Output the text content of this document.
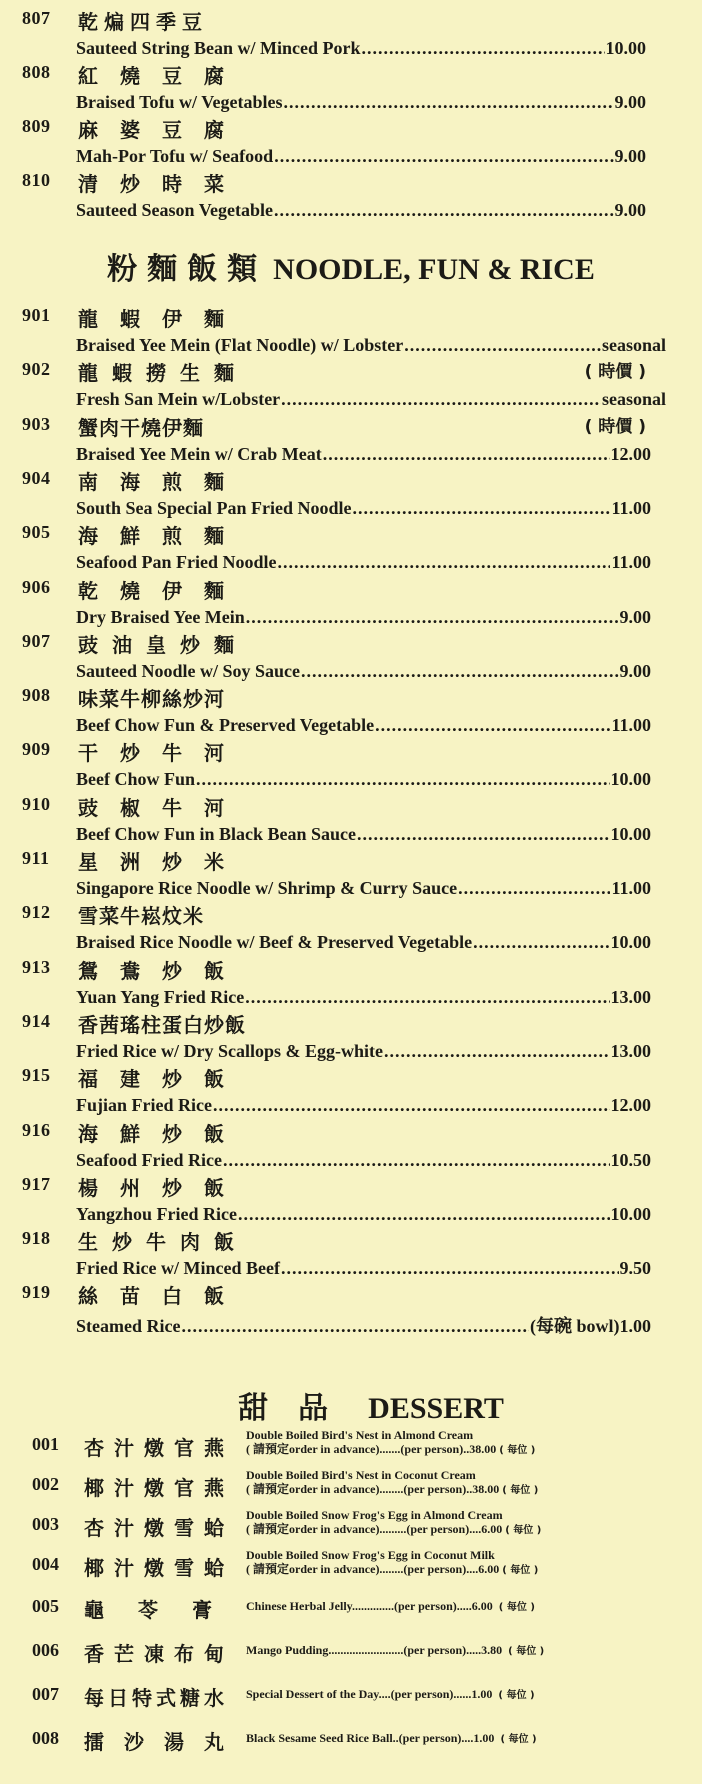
807 乾煸四季豆
Sauteed String Bean w/ Minced Pork .....	10.00
808 紅燒豆腐
Braised Tofu w/ Vegetables .....	9.00
809 麻婆豆腐
Mah-Por Tofu w/ Seafood .....	9.00
810 清炒時菜
Sauteed Season Vegetable .....	9.00
粉麵飯類 NOODLE, FUN & RICE
901 龍蝦伊麵
Braised Yee Mein (Flat Noodle) w/ Lobster .....	seasonal
902 龍蝦撈生麵	( 時價 )
Fresh San Mein w/Lobster .....	seasonal
903 蟹肉干燒伊麵	( 時價 )
Braised Yee Mein w/ Crab Meat .....	12.00
904 南海煎麵
South Sea Special Pan Fried Noodle .....	11.00
905 海鮮煎麵
Seafood Pan Fried Noodle .....	11.00
906 乾燒伊麵
Dry Braised Yee Mein .....	9.00
907 豉油皇炒麵
Sauteed Noodle w/ Soy Sauce .....	9.00
908 味菜牛柳絲炒河
Beef Chow Fun & Preserved Vegetable .....	11.00
909 干炒牛河
Beef Chow Fun .....	10.00
910 豉椒牛河
Beef Chow Fun in Black Bean Sauce .....	10.00
911 星洲炒米
Singapore Rice Noodle w/ Shrimp & Curry Sauce .....	11.00
912 雪菜牛崧炆米
Braised Rice Noodle w/ Beef & Preserved Vegetable .....	10.00
913 鴛鴦炒飯
Yuan Yang Fried Rice .....	13.00
914 香茜瑤柱蛋白炒飯
Fried Rice w/ Dry Scallops & Egg-white .....	13.00
915 福建炒飯
Fujian Fried Rice .....	12.00
916 海鮮炒飯
Seafood Fried Rice .....	10.50
917 楊州炒飯
Yangzhou Fried Rice .....	10.00
918 生炒牛肉飯
Fried Rice w/ Minced Beef .....	9.50
919 絲苗白飯
Steamed Rice .....	(每碗 bowl)1.00
甜品 DESSERT
001 杏汁燉官燕
Double Boiled Bird's Nest in Almond Cream
( 請預定order in advance).......(per person)..38.00 ( 每位 )
002 椰汁燉官燕
Double Boiled Bird's Nest in Coconut Cream
( 請預定order in advance)........(per person)..38.00 ( 每位 )
003 杏汁燉雪蛤
Double Boiled Snow Frog's Egg in Almond Cream
( 請預定order in advance).........(per person)....6.00 ( 每位 )
004 椰汁燉雪蛤
Double Boiled Snow Frog's Egg in Coconut Milk
( 請預定order in advance)........(per person)....6.00 ( 每位 )
005 龜苓膏 Chinese Herbal Jelly..............(per person).....6.00 ( 每位 )
006 香芒凍布甸 Mango Pudding.........................(per person).....3.80 ( 每位 )
007 每日特式糖水 Special Dessert of the Day....(per person)......1.00 ( 每位 )
008 擂沙湯丸 Black Sesame Seed Rice Ball..(per person)....1.00 ( 每位 )
